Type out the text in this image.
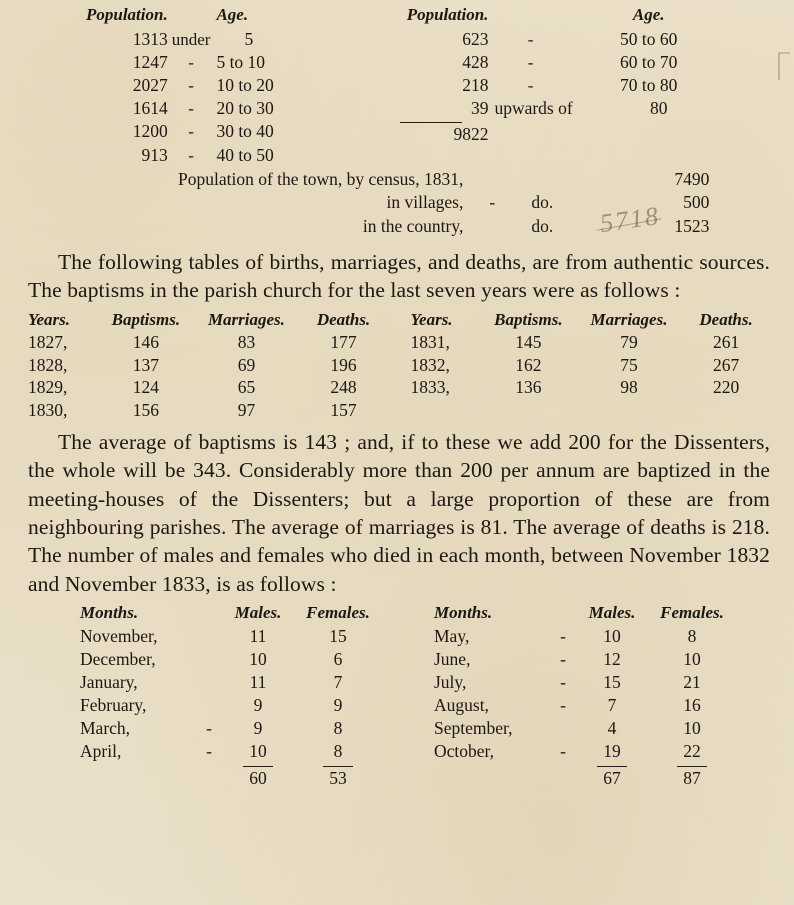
Population.		Age.
1313	under	5
1247	-	5 to 10
2027	-	10 to 20
1614	-	20 to 30
1200	-	30 to 40
913	-	40 to 50
Population.		Age.
623	-	50 to 60
428	-	60 to 70
218	-	70 to 80
39	upwards of	80

9822		
Population of the town, by census, 1831,			7490
in villages,	-	do.	500
in the country,		do.	1523

The following tables of births, marriages, and deaths, are from authentic sources. The baptisms in the parish church for the last seven years were as follows :

Years.	Baptisms.	Marriages.	Deaths.		Years.	Baptisms.	Marriages.	Deaths.
1827,	146	83	177		1831,	145	79	261
1828,	137	69	196		1832,	162	75	267
1829,	124	65	248		1833,	136	98	220
1830,	156	97	157					

The average of baptisms is 143 ; and, if to these we add 200 for the Dissenters, the whole will be 343. Considerably more than 200 per annum are baptized in the meeting-houses of the Dissenters; but a large proportion of these are from neighbouring parishes. The average of marriages is 81. The average of deaths is 218. The number of males and females who died in each month, between November 1832 and November 1833, is as follows :

Months.		Males.	Females.		Months.		Males.	Females.
November,		11	15		May,	-	10	8
December,		10	6		June,	-	12	10
January,		11	7		July,	-	15	21
February,		9	9		August,	-	7	16
March,	-	9	8		September,		4	10
April,	-	10	8		October,	-	19	22

		60	53				67	87

5718
